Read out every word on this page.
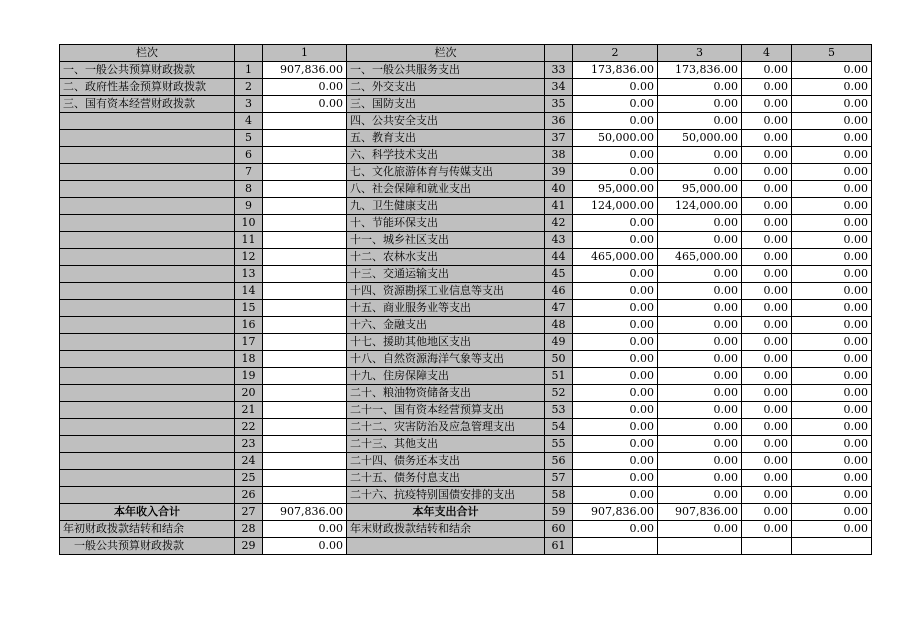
栏次		1	栏次		2	3	4	5
一、一般公共预算财政拨款	1	907,836.00	一、一般公共服务支出	33	173,836.00	173,836.00	0.00	0.00
二、政府性基金预算财政拨款	2	0.00	二、外交支出	34	0.00	0.00	0.00	0.00
三、国有资本经营财政拨款	3	0.00	三、国防支出	35	0.00	0.00	0.00	0.00
	4		四、公共安全支出	36	0.00	0.00	0.00	0.00
	5		五、教育支出	37	50,000.00	50,000.00	0.00	0.00
	6		六、科学技术支出	38	0.00	0.00	0.00	0.00
	7		七、文化旅游体育与传媒支出	39	0.00	0.00	0.00	0.00
	8		八、社会保障和就业支出	40	95,000.00	95,000.00	0.00	0.00
	9		九、卫生健康支出	41	124,000.00	124,000.00	0.00	0.00
	10		十、节能环保支出	42	0.00	0.00	0.00	0.00
	11		十一、城乡社区支出	43	0.00	0.00	0.00	0.00
	12		十二、农林水支出	44	465,000.00	465,000.00	0.00	0.00
	13		十三、交通运输支出	45	0.00	0.00	0.00	0.00
	14		十四、资源勘探工业信息等支出	46	0.00	0.00	0.00	0.00
	15		十五、商业服务业等支出	47	0.00	0.00	0.00	0.00
	16		十六、金融支出	48	0.00	0.00	0.00	0.00
	17		十七、援助其他地区支出	49	0.00	0.00	0.00	0.00
	18		十八、自然资源海洋气象等支出	50	0.00	0.00	0.00	0.00
	19		十九、住房保障支出	51	0.00	0.00	0.00	0.00
	20		二十、粮油物资储备支出	52	0.00	0.00	0.00	0.00
	21		二十一、国有资本经营预算支出	53	0.00	0.00	0.00	0.00
	22		二十二、灾害防治及应急管理支出	54	0.00	0.00	0.00	0.00
	23		二十三、其他支出	55	0.00	0.00	0.00	0.00
	24		二十四、债务还本支出	56	0.00	0.00	0.00	0.00
	25		二十五、债务付息支出	57	0.00	0.00	0.00	0.00
	26		二十六、抗疫特别国债安排的支出	58	0.00	0.00	0.00	0.00
本年收入合计	27	907,836.00	本年支出合计	59	907,836.00	907,836.00	0.00	0.00
年初财政拨款结转和结余	28	0.00	年末财政拨款结转和结余	60	0.00	0.00	0.00	0.00
一般公共预算财政拨款	29	0.00		61				
